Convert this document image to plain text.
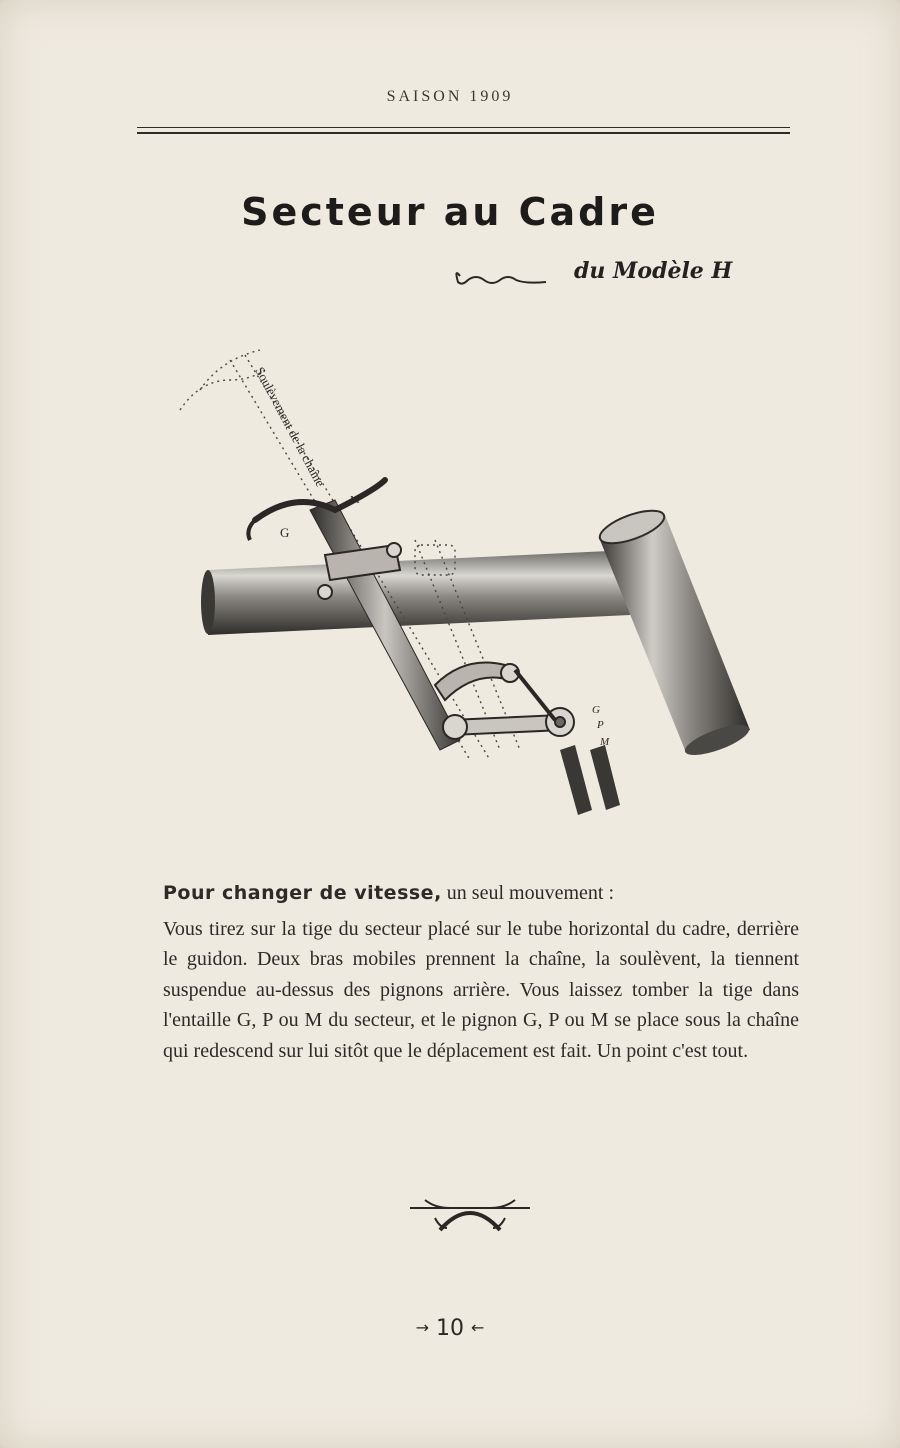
SAISON 1909
Secteur au Cadre
du Modèle H
Soulèvement de la chaîne
G
M
G
P
M

Pour changer de vitesse, un seul mouvement :

Vous tirez sur la tige du secteur placé sur le tube horizontal du cadre, derrière le guidon. Deux bras mobiles prennent la chaîne, la soulèvent, la tiennent suspendue au-dessus des pignons arrière. Vous laissez tomber la tige dans l'entaille G, P ou M du secteur, et le pignon G, P ou M se place sous la chaîne qui redescend sur lui sitôt que le déplacement est fait. Un point c'est tout.

→ 10 ←
